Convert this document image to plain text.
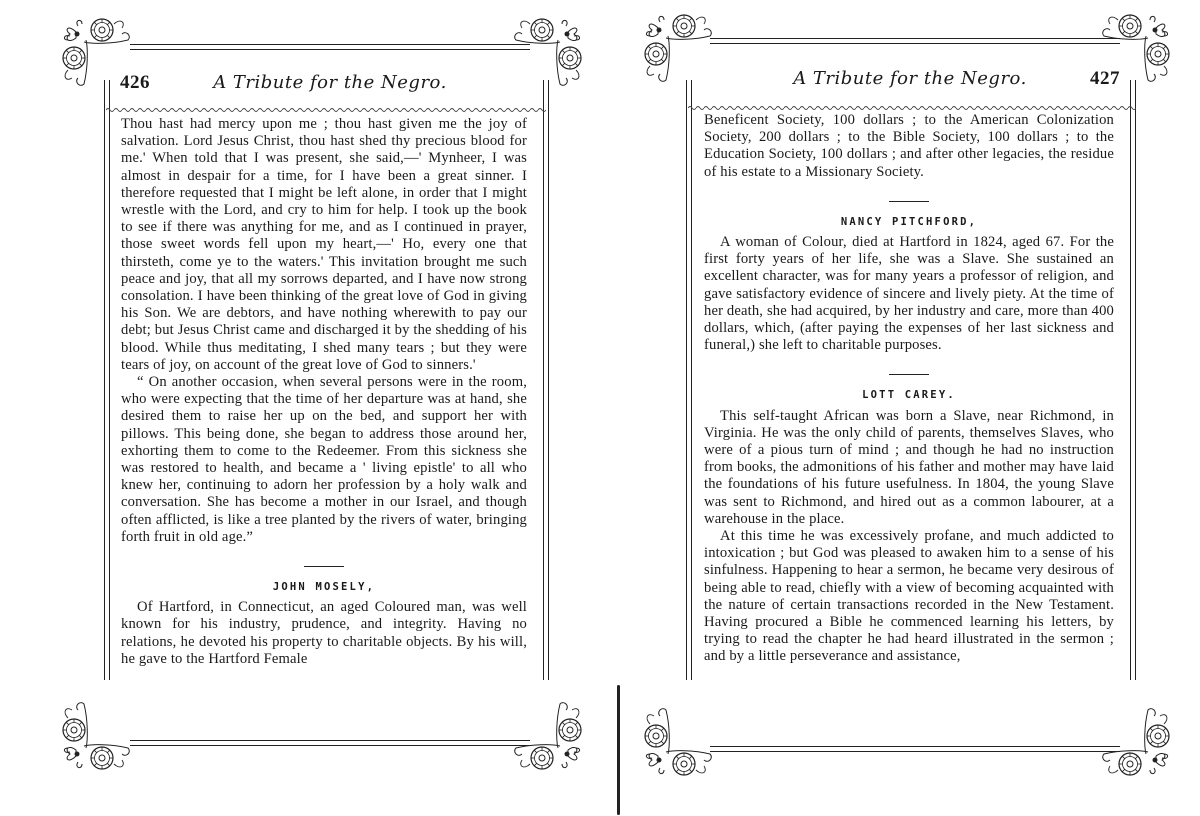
426	A Tribute for the Negro.

Thou hast had mercy upon me ; thou hast given me the joy of salvation. Lord Jesus Christ, thou hast shed thy precious blood for me.' When told that I was present, she said,—' Mynheer, I was almost in despair for a time, for I have been a great sinner. I therefore requested that I might be left alone, in order that I might wrestle with the Lord, and cry to him for help. I took up the book to see if there was anything for me, and as I continued in prayer, those sweet words fell upon my heart,—' Ho, every one that thirsteth, come ye to the waters.' This invitation brought me such peace and joy, that all my sorrows departed, and I have now strong consolation. I have been thinking of the great love of God in giving his Son. We are debtors, and have nothing wherewith to pay our debt; but Jesus Christ came and discharged it by the shedding of his blood. While thus meditating, I shed many tears ; but they were tears of joy, on account of the great love of God to sinners.'

“ On another occasion, when several persons were in the room, who were expecting that the time of her departure was at hand, she desired them to raise her up on the bed, and support her with pillows. This being done, she began to address those around her, exhorting them to come to the Redeemer. From this sickness she was restored to health, and became a ' living epistle' to all who knew her, continuing to adorn her profession by a holy walk and conversation. She has become a mother in our Israel, and though often afflicted, is like a tree planted by the rivers of water, bringing forth fruit in old age.”

JOHN MOSELY,

Of Hartford, in Connecticut, an aged Coloured man, was well known for his industry, prudence, and integrity. Having no relations, he devoted his property to charitable objects. By his will, he gave to the Hartford Female

A Tribute for the Negro.	427

Beneficent Society, 100 dollars ; to the American Colonization Society, 200 dollars ; to the Bible Society, 100 dollars ; to the Education Society, 100 dollars ; and after other legacies, the residue of his estate to a Missionary Society.

NANCY PITCHFORD,

A woman of Colour, died at Hartford in 1824, aged 67. For the first forty years of her life, she was a Slave. She sustained an excellent character, was for many years a professor of religion, and gave satisfactory evidence of sincere and lively piety. At the time of her death, she had acquired, by her industry and care, more than 400 dollars, which, (after paying the expenses of her last sickness and funeral,) she left to charitable purposes.

LOTT CAREY.

This self-taught African was born a Slave, near Richmond, in Virginia. He was the only child of parents, themselves Slaves, who were of a pious turn of mind ; and though he had no instruction from books, the admonitions of his father and mother may have laid the foundations of his future usefulness. In 1804, the young Slave was sent to Richmond, and hired out as a common labourer, at a warehouse in the place.

At this time he was excessively profane, and much addicted to intoxication ; but God was pleased to awaken him to a sense of his sinfulness. Happening to hear a sermon, he became very desirous of being able to read, chiefly with a view of becoming acquainted with the nature of certain transactions recorded in the New Testament. Having procured a Bible he commenced learning his letters, by trying to read the chapter he had heard illustrated in the sermon ; and by a little perseverance and assistance,
